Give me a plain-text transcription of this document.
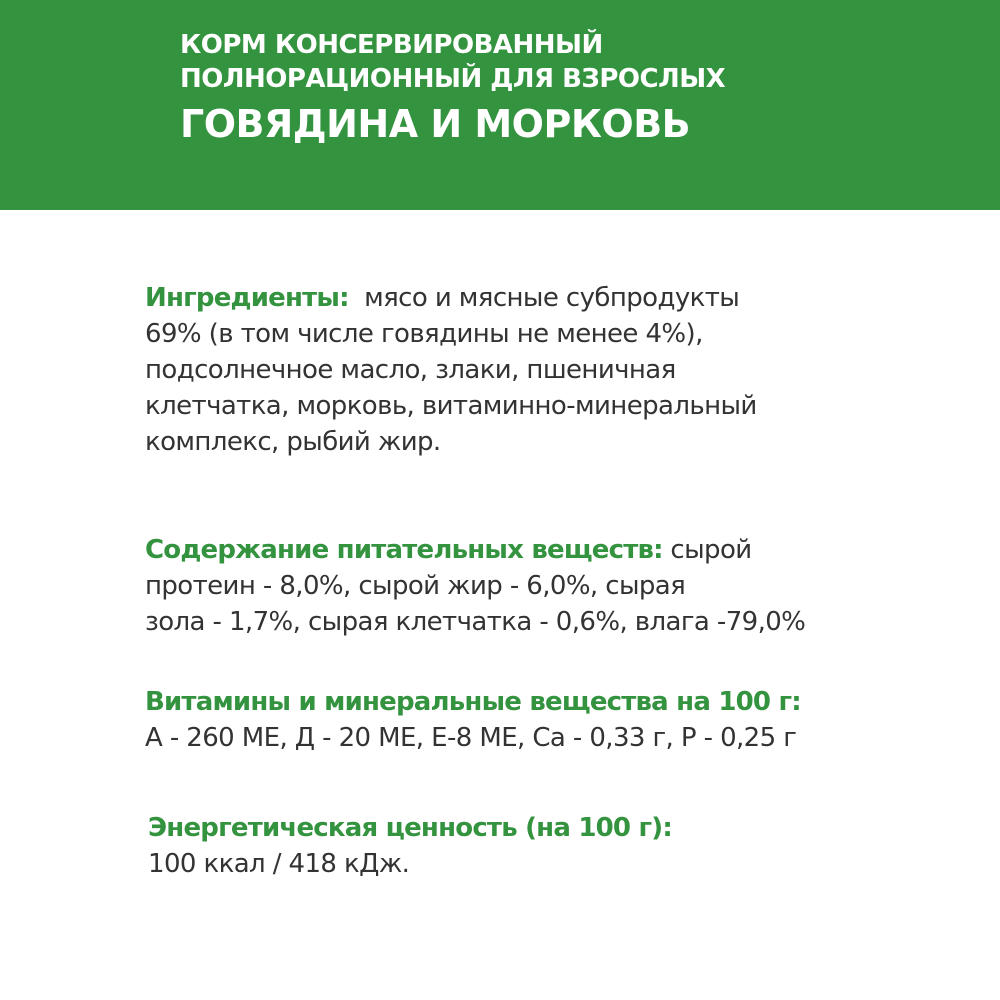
КОРМ КОНСЕРВИРОВАННЫЙ
ПОЛНОРАЦИОННЫЙ ДЛЯ ВЗРОСЛЫХ
ГОВЯДИНА И МОРКОВЬ
Ингредиенты: мясо и мясные субпродукты
69% (в том числе говядины не менее 4%),
подсолнечное масло, злаки, пшеничная
клетчатка, морковь, витаминно-минеральный
комплекс, рыбий жир.
Содержание питательных веществ: сырой
протеин - 8,0%, сырой жир - 6,0%, сырая
зола - 1,7%, сырая клетчатка - 0,6%, влага -79,0%
Витамины и минеральные вещества на 100 г:
А - 260 МЕ, Д - 20 МЕ, Е-8 МЕ, Са - 0,33 г, Р - 0,25 г
Энергетическая ценность (на 100 г):
100 ккал / 418 кДж.
